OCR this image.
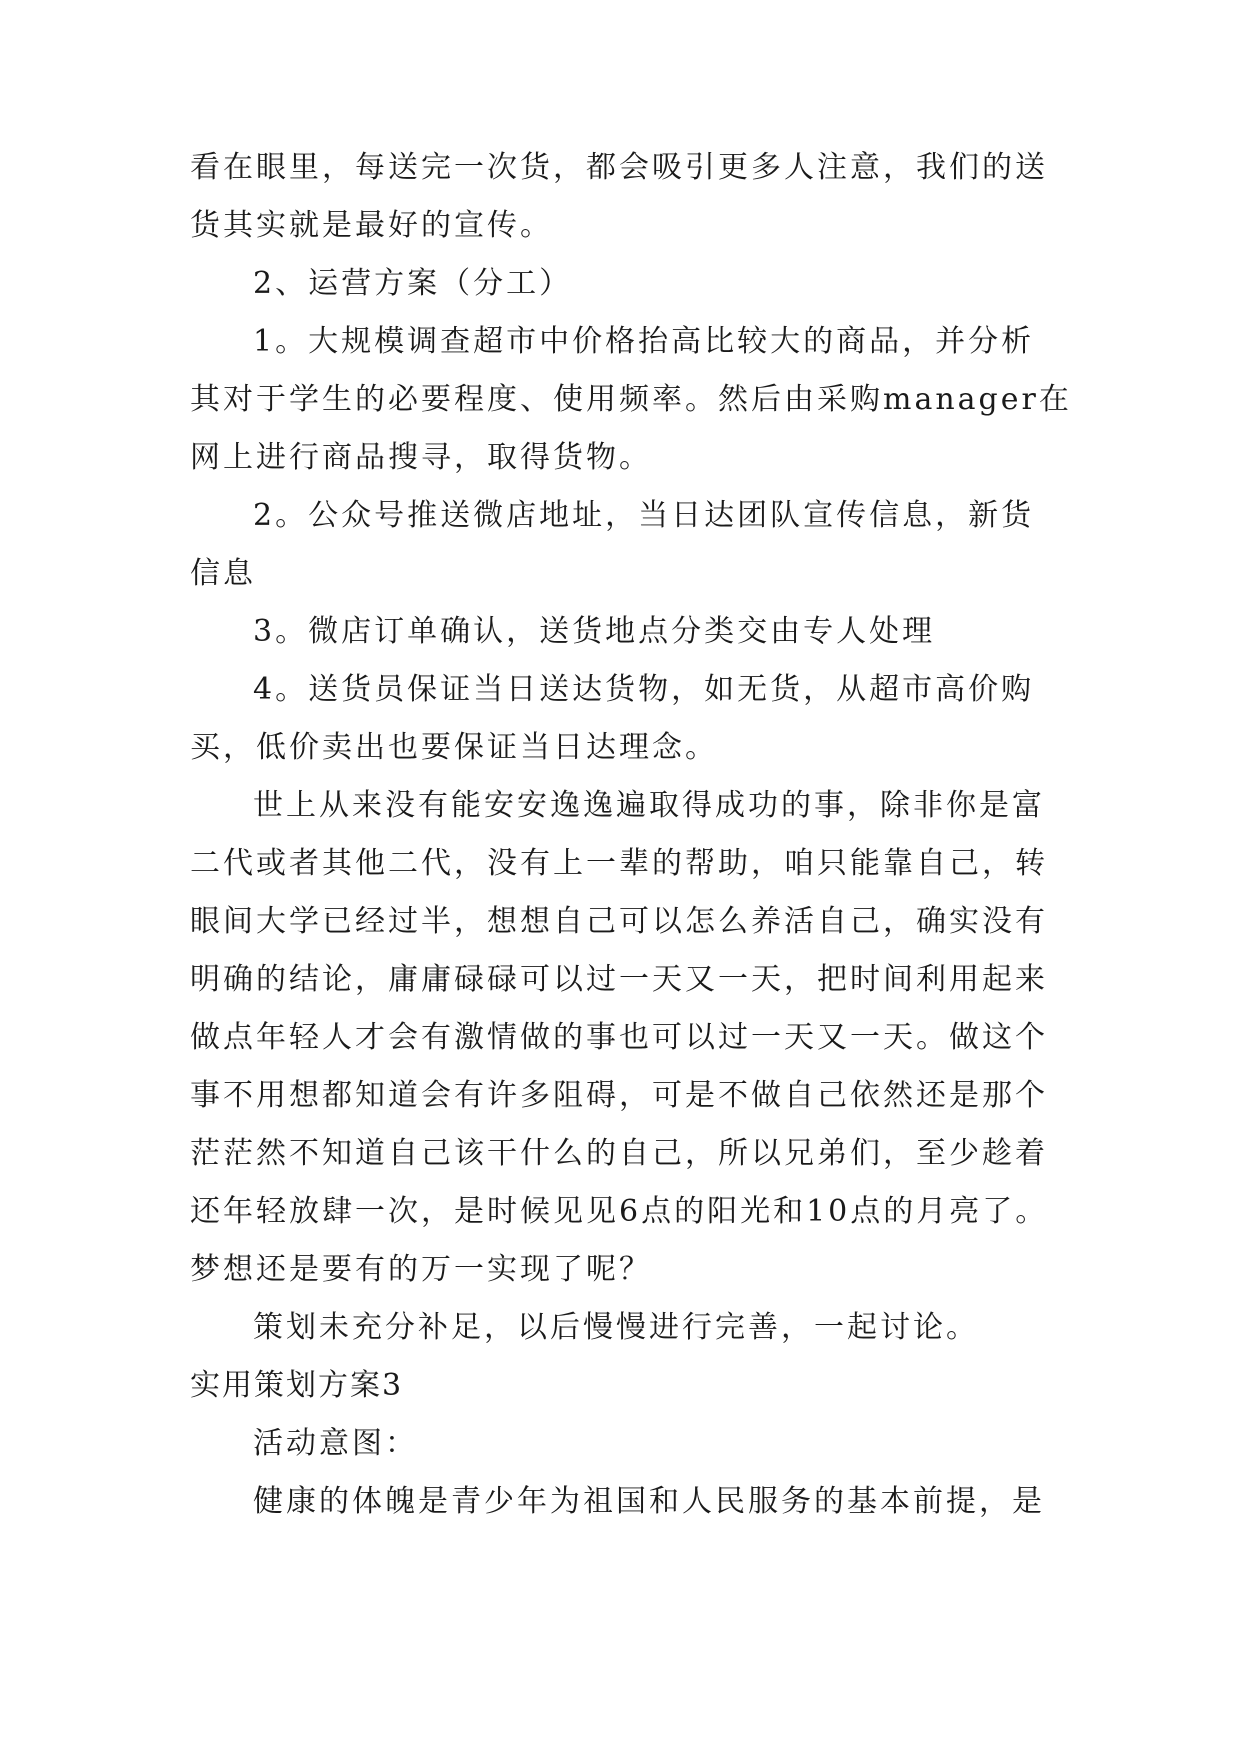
看在眼里，每送完一次货，都会吸引更多人注意，我们的送
货其实就是最好的宣传。
2、运营方案（分工）
1。大规模调查超市中价格抬高比较大的商品，并分析
其对于学生的必要程度、使用频率。然后由采购manager在
网上进行商品搜寻，取得货物。
2。公众号推送微店地址，当日达团队宣传信息，新货
信息
3。微店订单确认，送货地点分类交由专人处理
4。送货员保证当日送达货物，如无货，从超市高价购
买，低价卖出也要保证当日达理念。
世上从来没有能安安逸逸遍取得成功的事，除非你是富
二代或者其他二代，没有上一辈的帮助，咱只能靠自己，转
眼间大学已经过半，想想自己可以怎么养活自己，确实没有
明确的结论，庸庸碌碌可以过一天又一天，把时间利用起来
做点年轻人才会有激情做的事也可以过一天又一天。做这个
事不用想都知道会有许多阻碍，可是不做自己依然还是那个
茫茫然不知道自己该干什么的自己，所以兄弟们，至少趁着
还年轻放肆一次，是时候见见6点的阳光和10点的月亮了。
梦想还是要有的万一实现了呢？
策划未充分补足，以后慢慢进行完善，一起讨论。
实用策划方案3
活动意图：
健康的体魄是青少年为祖国和人民服务的基本前提，是
